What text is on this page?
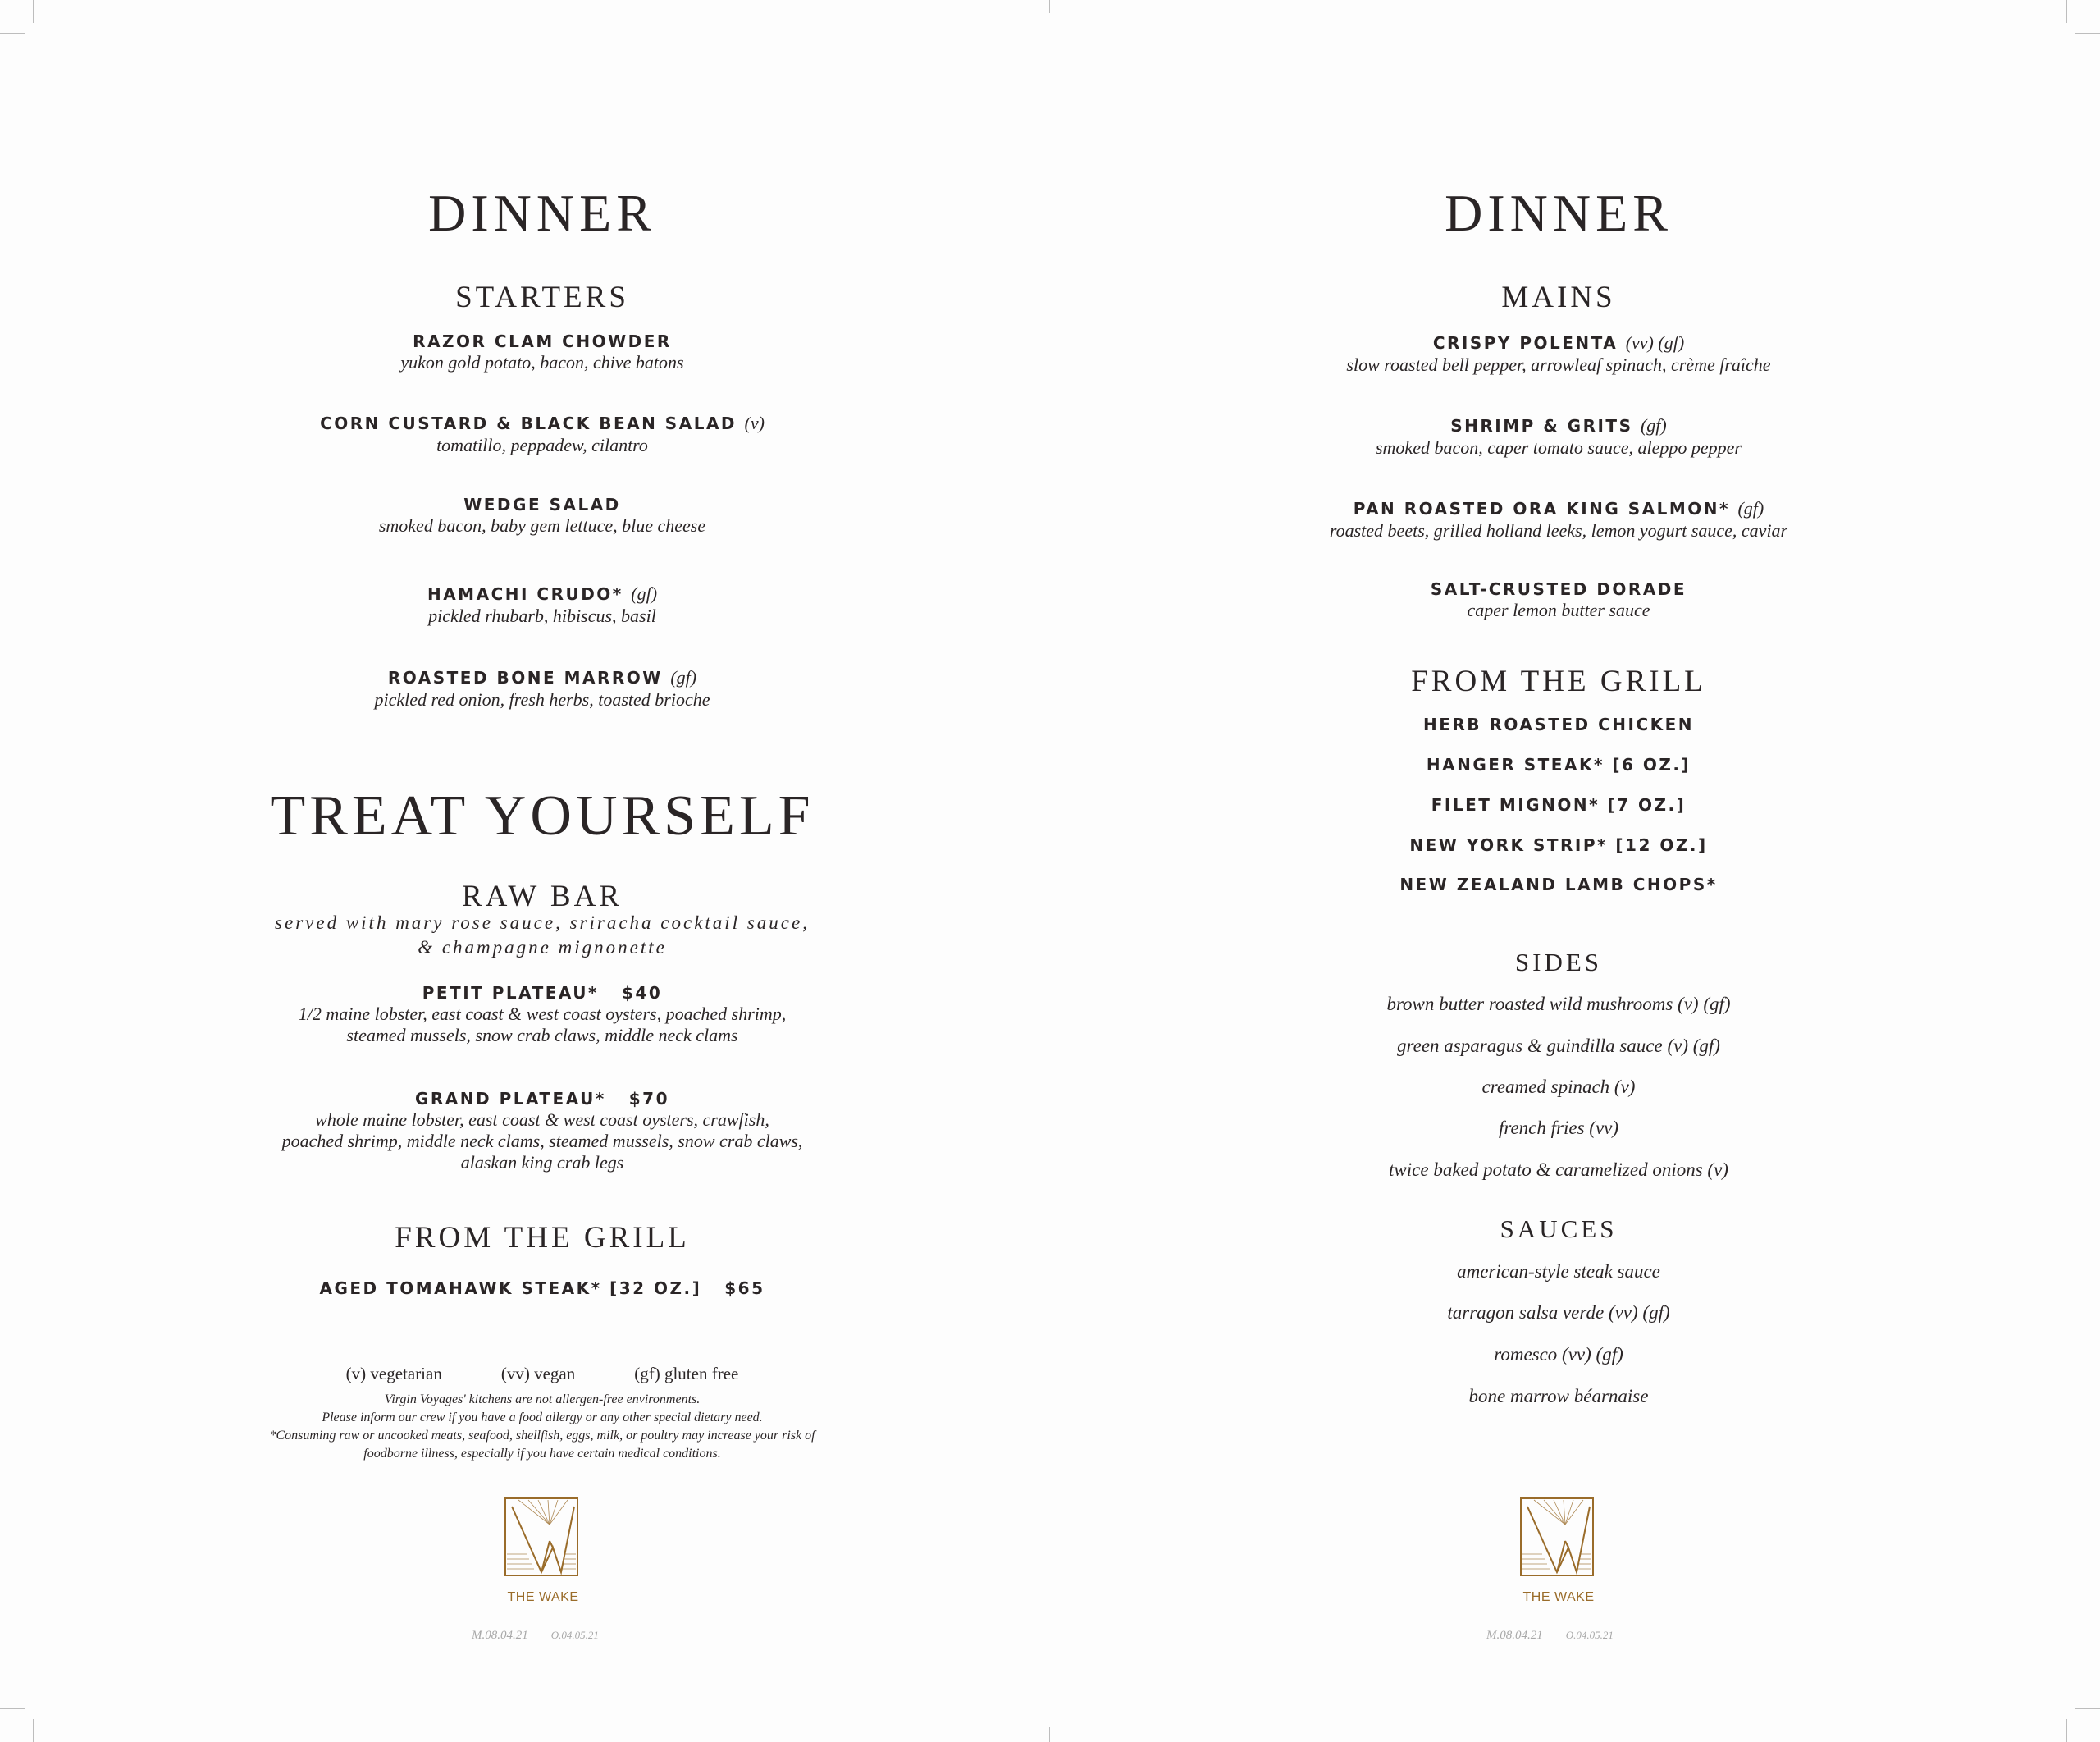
DINNER
STARTERS
RAZOR CLAM CHOWDER
yukon gold potato, bacon, chive batons
CORN CUSTARD & BLACK BEAN SALAD (v)
tomatillo, peppadew, cilantro
WEDGE SALAD
smoked bacon, baby gem lettuce, blue cheese
HAMACHI CRUDO* (gf)
pickled rhubarb, hibiscus, basil
ROASTED BONE MARROW (gf)
pickled red onion, fresh herbs, toasted brioche
TREAT YOURSELF
RAW BAR
served with mary rose sauce, sriracha cocktail sauce,
& champagne mignonette
PETIT PLATEAU* $40
1/2 maine lobster, east coast & west coast oysters, poached shrimp,
steamed mussels, snow crab claws, middle neck clams
GRAND PLATEAU* $70
whole maine lobster, east coast & west coast oysters, crawfish,
poached shrimp, middle neck clams, steamed mussels, snow crab claws,
alaskan king crab legs
FROM THE GRILL
AGED TOMAHAWK STEAK* [32 OZ.] $65
(v) vegetarian	(vv) vegan	(gf) gluten free
Virgin Voyages' kitchens are not allergen-free environments.
Please inform our crew if you have a food allergy or any other special dietary need.
*Consuming raw or uncooked meats, seafood, shellfish, eggs, milk, or poultry may increase your risk of
foodborne illness, especially if you have certain medical conditions.
DINNER
MAINS
CRISPY POLENTA (vv) (gf)
slow roasted bell pepper, arrowleaf spinach, crème fraîche
SHRIMP & GRITS (gf)
smoked bacon, caper tomato sauce, aleppo pepper
PAN ROASTED ORA KING SALMON* (gf)
roasted beets, grilled holland leeks, lemon yogurt sauce, caviar
SALT-CRUSTED DORADE
caper lemon butter sauce
FROM THE GRILL
HERB ROASTED CHICKEN
HANGER STEAK* [6 OZ.]
FILET MIGNON* [7 OZ.]
NEW YORK STRIP* [12 OZ.]
NEW ZEALAND LAMB CHOPS*
SIDES
brown butter roasted wild mushrooms (v) (gf)
green asparagus & guindilla sauce (v) (gf)
creamed spinach (v)
french fries (vv)
twice baked potato & caramelized onions (v)
SAUCES
american-style steak sauce
tarragon salsa verde (vv) (gf)
romesco (vv) (gf)
bone marrow béarnaise
THE WAKE
M.08.04.21 O.04.05.21
THE WAKE
M.08.04.21 O.04.05.21
